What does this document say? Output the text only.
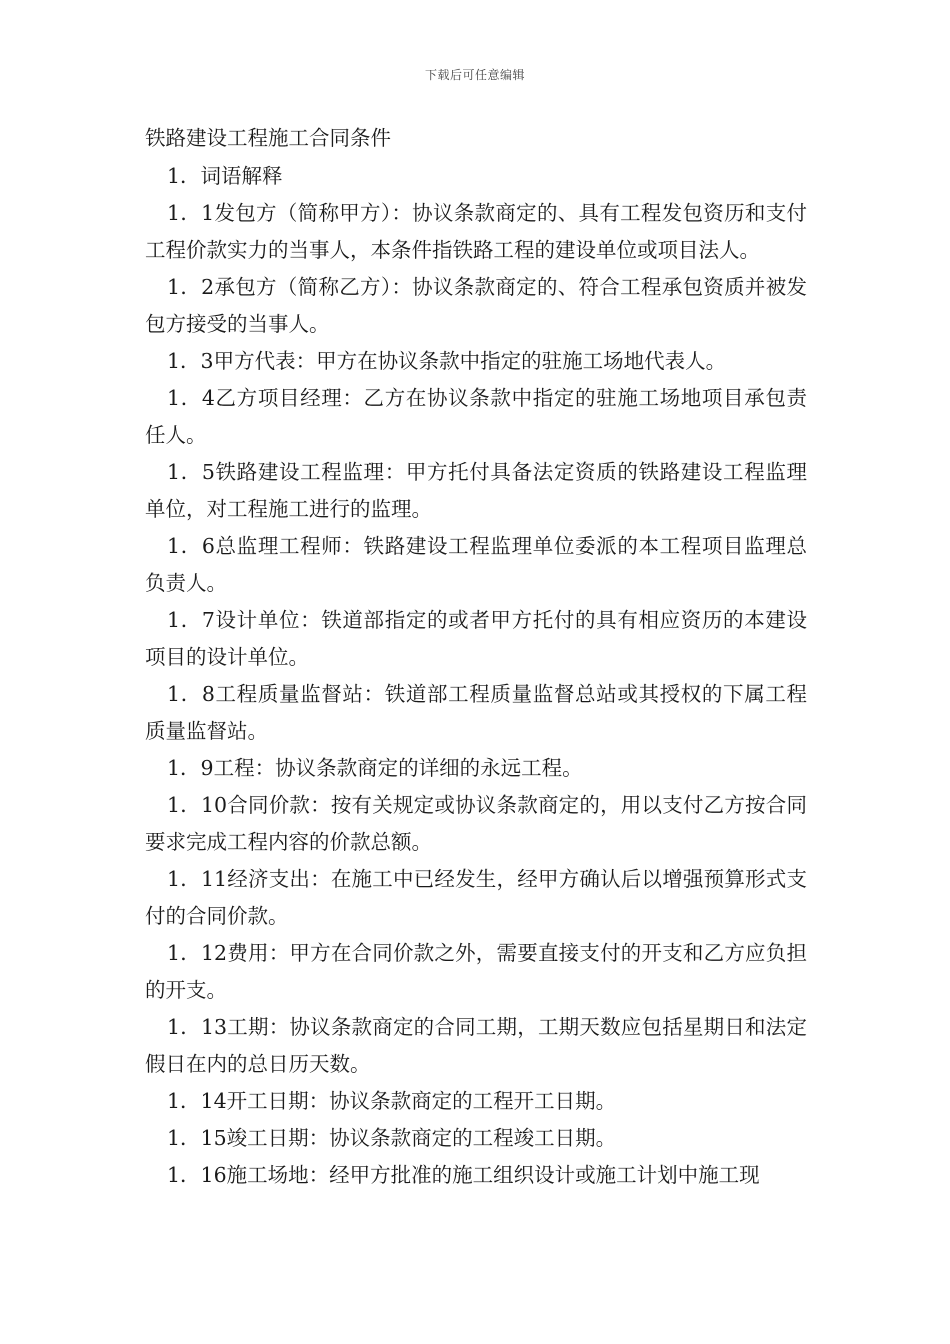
下载后可任意编辑
铁路建设工程施工合同条件

1．词语解释

1．1发包方（简称甲方）：协议条款商定的、具有工程发包资历和支付工程价款实力的当事人，本条件指铁路工程的建设单位或项目法人。

1．2承包方（简称乙方）：协议条款商定的、符合工程承包资质并被发包方接受的当事人。

1．3甲方代表：甲方在协议条款中指定的驻施工场地代表人。

1．4乙方项目经理：乙方在协议条款中指定的驻施工场地项目承包责任人。

1．5铁路建设工程监理：甲方托付具备法定资质的铁路建设工程监理单位，对工程施工进行的监理。

1．6总监理工程师：铁路建设工程监理单位委派的本工程项目监理总负责人。

1．7设计单位：铁道部指定的或者甲方托付的具有相应资历的本建设项目的设计单位。

1．8工程质量监督站：铁道部工程质量监督总站或其授权的下属工程质量监督站。

1．9工程：协议条款商定的详细的永远工程。

1．10合同价款：按有关规定或协议条款商定的，用以支付乙方按合同要求完成工程内容的价款总额。

1．11经济支出：在施工中已经发生，经甲方确认后以增强预算形式支付的合同价款。

1．12费用：甲方在合同价款之外，需要直接支付的开支和乙方应负担的开支。

1．13工期：协议条款商定的合同工期，工期天数应包括星期日和法定假日在内的总日历天数。

1．14开工日期：协议条款商定的工程开工日期。

1．15竣工日期：协议条款商定的工程竣工日期。

1．16施工场地：经甲方批准的施工组织设计或施工计划中施工现
